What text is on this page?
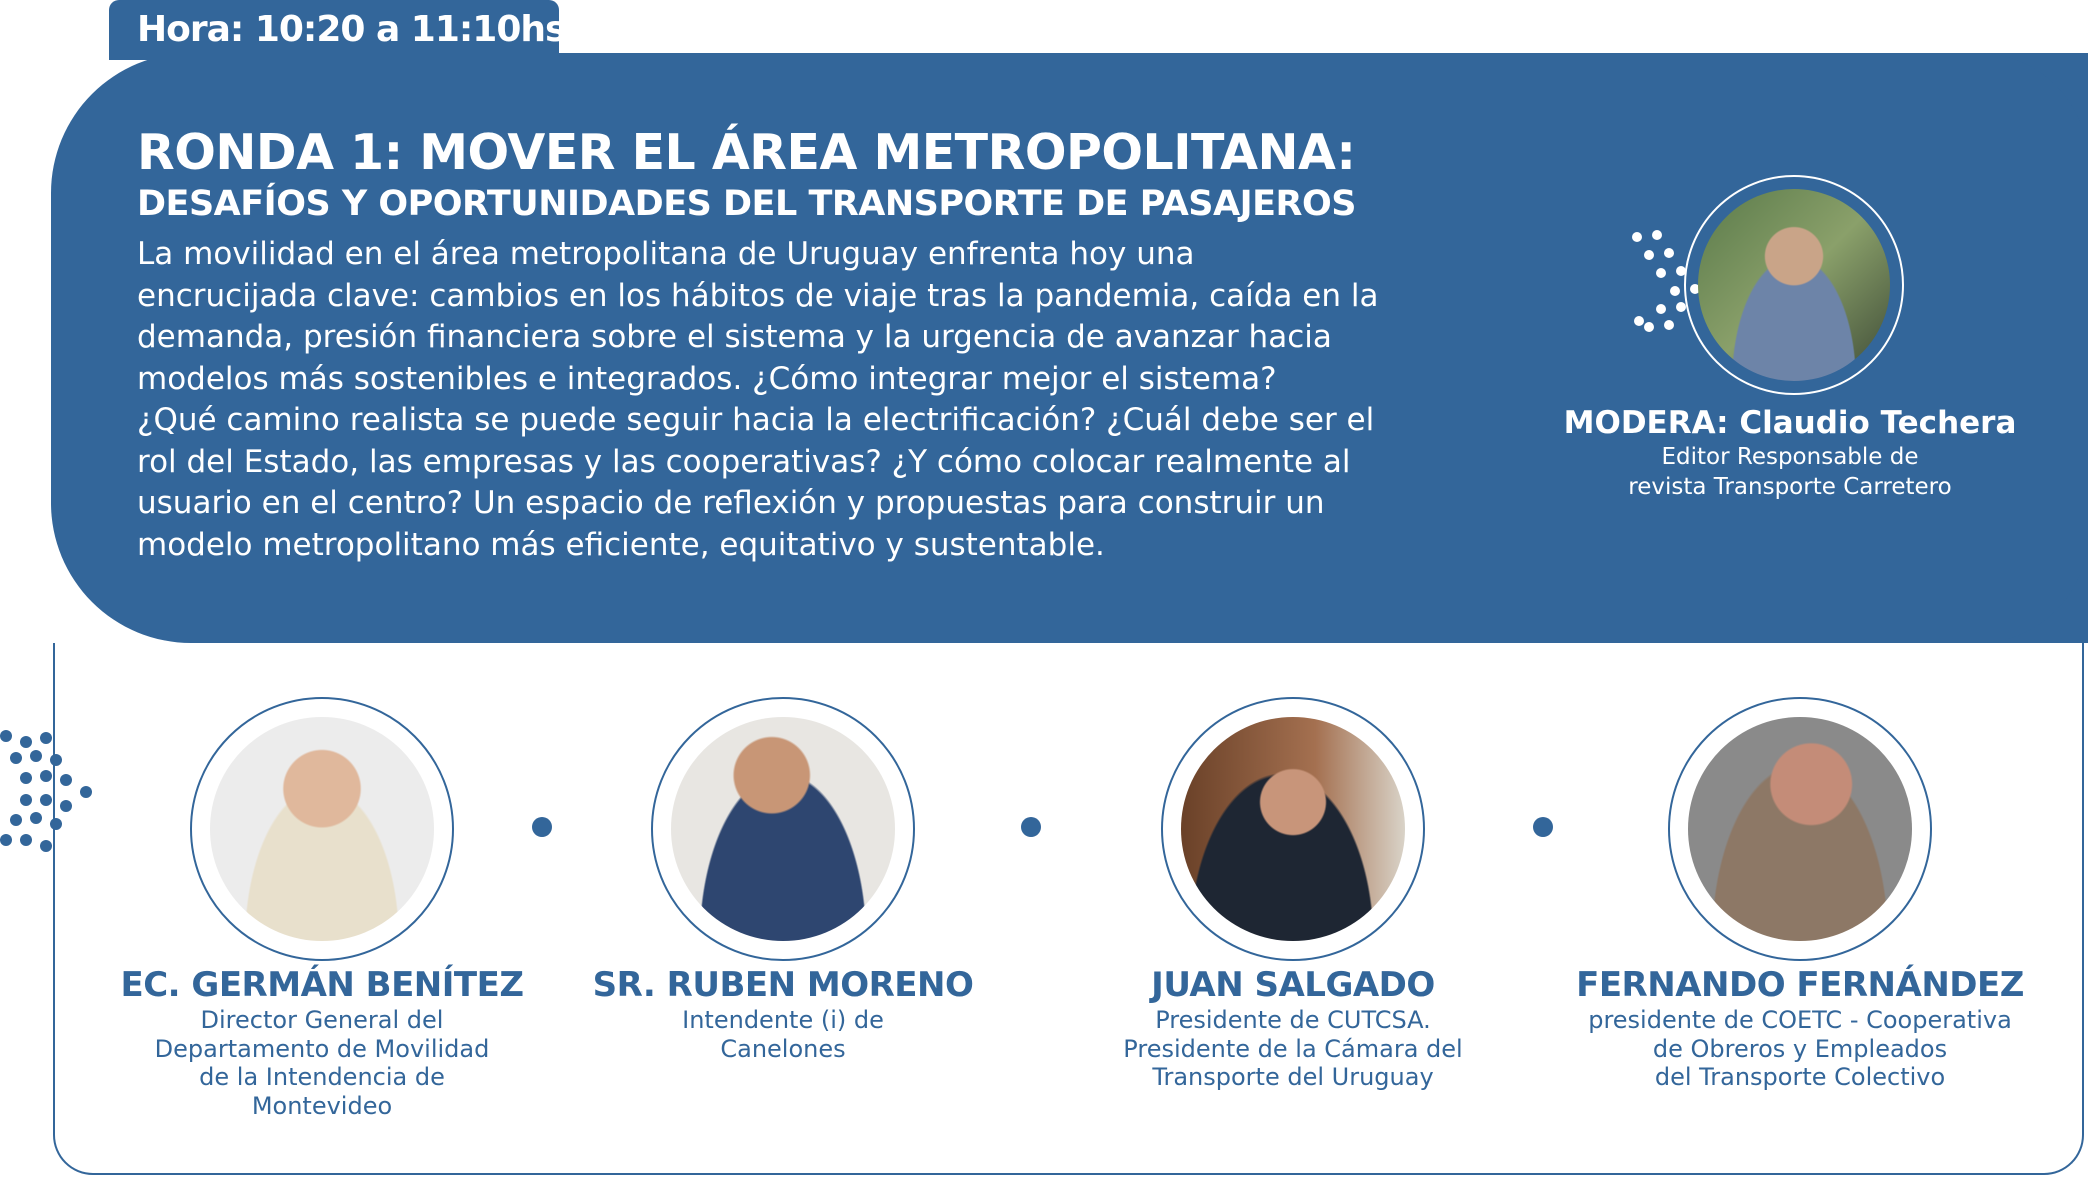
Hora: 10:20 a 11:10hs.
RONDA 1: MOVER EL ÁREA METROPOLITANA:
DESAFÍOS Y OPORTUNIDADES DEL TRANSPORTE DE PASAJEROS
La movilidad en el área metropolitana de Uruguay enfrenta hoy una
encrucijada clave: cambios en los hábitos de viaje tras la pandemia, caída en la
demanda, presión financiera sobre el sistema y la urgencia de avanzar hacia
modelos más sostenibles e integrados. ¿Cómo integrar mejor el sistema?
¿Qué camino realista se puede seguir hacia la electrificación? ¿Cuál debe ser el
rol del Estado, las empresas y las cooperativas? ¿Y cómo colocar realmente al
usuario en el centro? Un espacio de reflexión y propuestas para construir un
modelo metropolitano más eficiente, equitativo y sustentable.
MODERA: Claudio Techera
Editor Responsable de
revista Transporte Carretero
EC. GERMÁN BENÍTEZ
Director General del
Departamento de Movilidad
de la Intendencia de
Montevideo
SR. RUBEN MORENO
Intendente (i) de
Canelones
JUAN SALGADO
Presidente de CUTCSA.
Presidente de la Cámara del
Transporte del Uruguay
FERNANDO FERNÁNDEZ
presidente de COETC - Cooperativa
de Obreros y Empleados
del Transporte Colectivo
